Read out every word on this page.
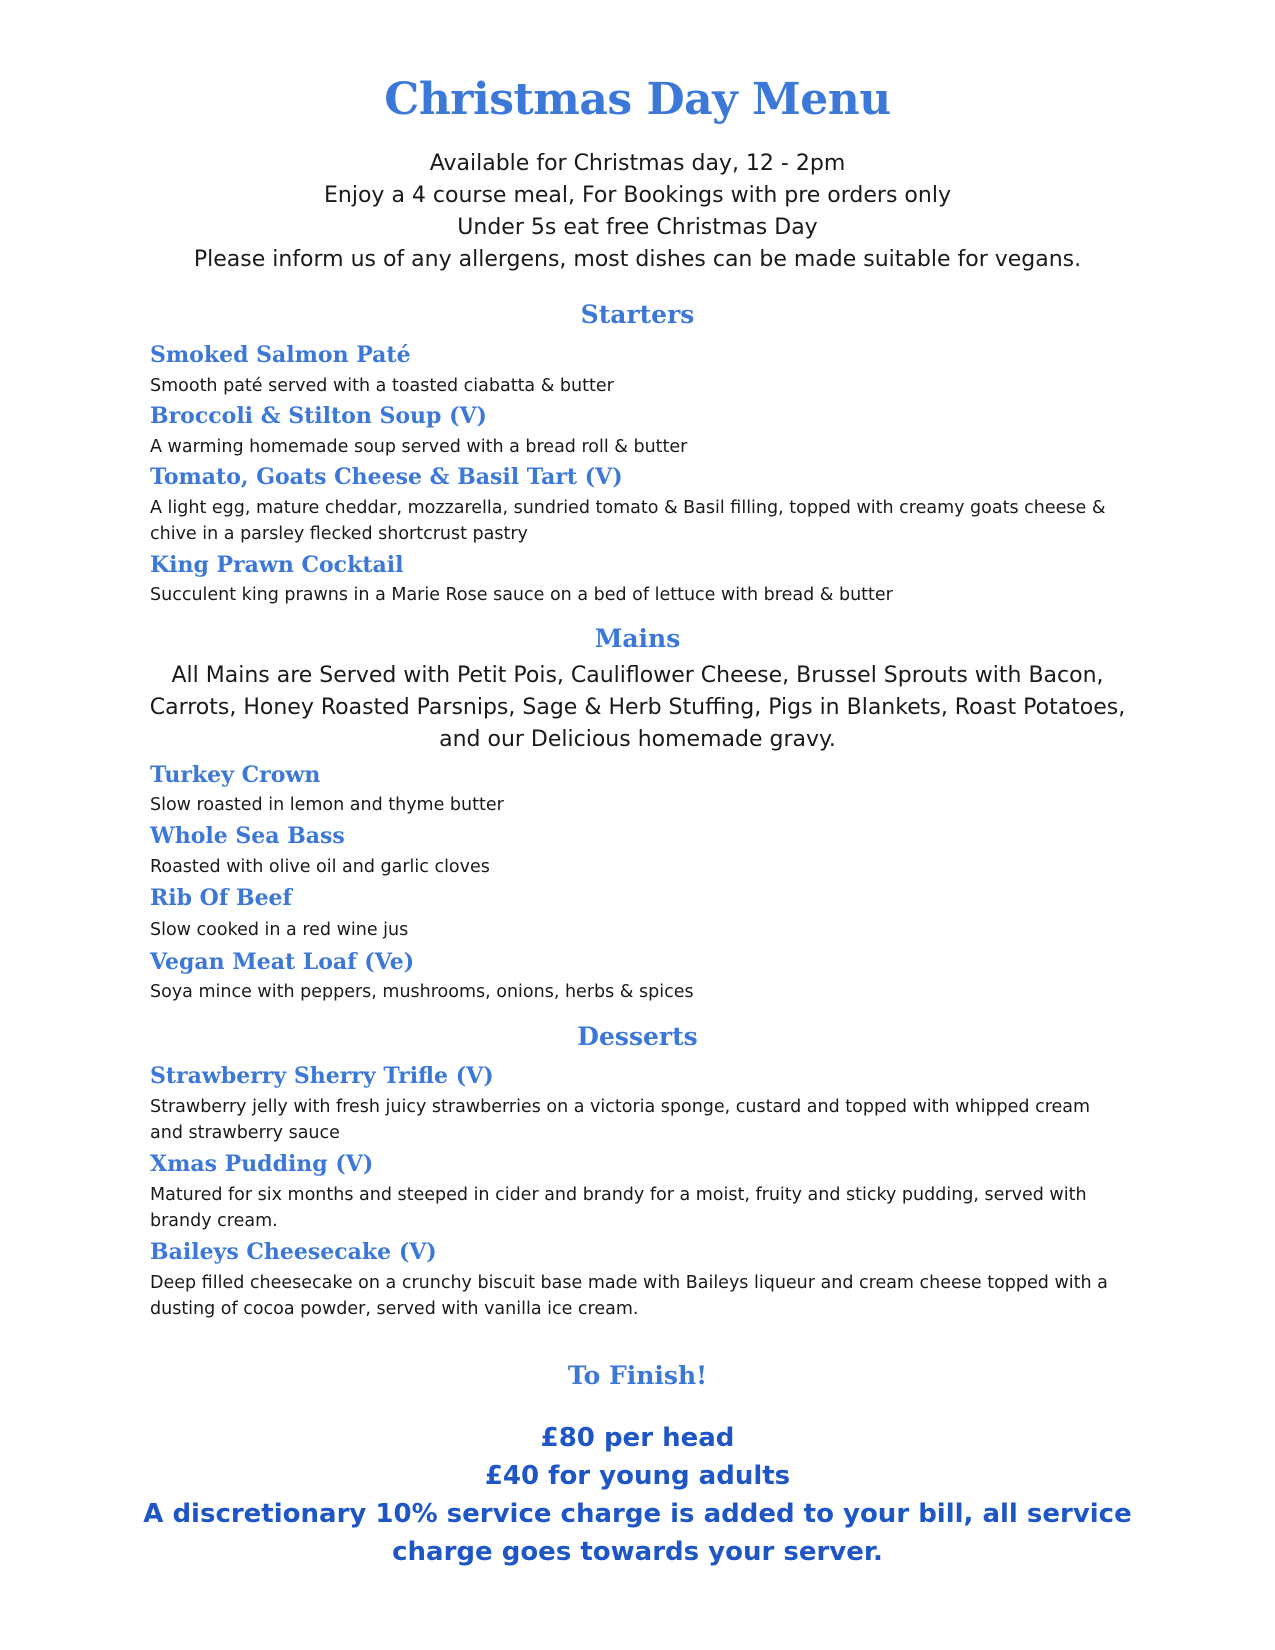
Christmas Day Menu
Available for Christmas day, 12 - 2pm
Enjoy a 4 course meal, For Bookings with pre orders only
Under 5s eat free Christmas Day
Please inform us of any allergens, most dishes can be made suitable for vegans.
Starters
Smoked Salmon Paté
Smooth paté served with a toasted ciabatta & butter
Broccoli & Stilton Soup (V)
A warming homemade soup served with a bread roll & butter
Tomato, Goats Cheese & Basil Tart (V)
A light egg, mature cheddar, mozzarella, sundried tomato & Basil filling, topped with creamy goats cheese & chive in a parsley flecked shortcrust pastry
King Prawn Cocktail
Succulent king prawns in a Marie Rose sauce on a bed of lettuce with bread & butter
Mains
All Mains are Served with Petit Pois, Cauliflower Cheese, Brussel Sprouts with Bacon, Carrots, Honey Roasted Parsnips, Sage & Herb Stuffing, Pigs in Blankets, Roast Potatoes, and our Delicious homemade gravy.
Turkey Crown
Slow roasted in lemon and thyme butter
Whole Sea Bass
Roasted with olive oil and garlic cloves
Rib Of Beef
Slow cooked in a red wine jus
Vegan Meat Loaf (Ve)
Soya mince with peppers, mushrooms, onions, herbs & spices
Desserts
Strawberry Sherry Trifle (V)
Strawberry jelly with fresh juicy strawberries on a victoria sponge, custard and topped with whipped cream and strawberry sauce
Xmas Pudding (V)
Matured for six months and steeped in cider and brandy for a moist, fruity and sticky pudding, served with brandy cream.
Baileys Cheesecake (V)
Deep filled cheesecake on a crunchy biscuit base made with Baileys liqueur and cream cheese topped with a dusting of cocoa powder, served with vanilla ice cream.
To Finish!
£80 per head
£40 for young adults
A discretionary 10% service charge is added to your bill, all service charge goes towards your server.
